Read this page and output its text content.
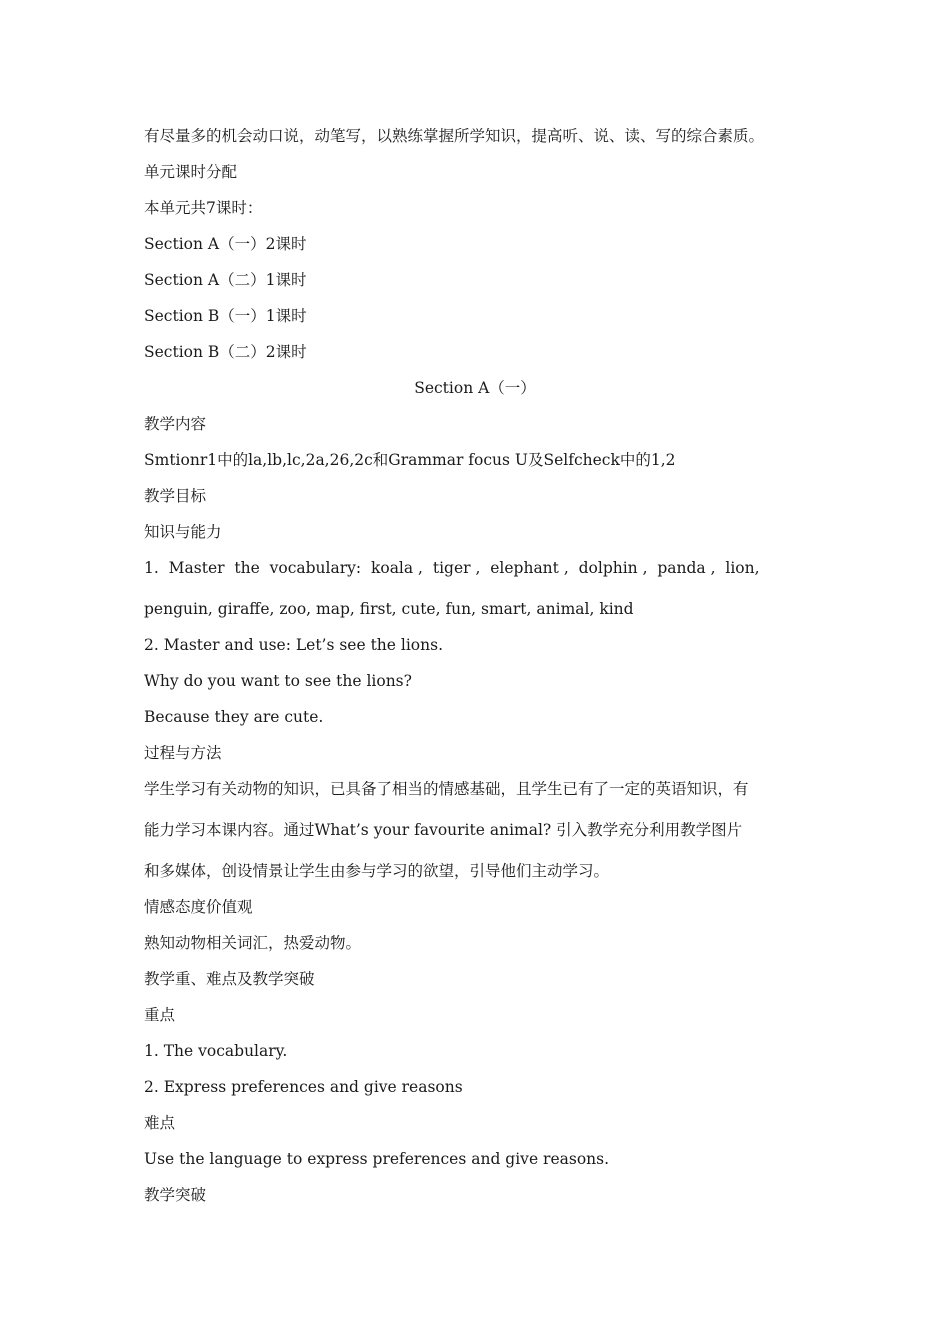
有尽量多的机会动口说，动笔写，以熟练掌握所学知识，提高听、说、读、写的综合素质。
单元课时分配
本单元共7课时：
Section A（一）2课时
Section A（二）1课时
Section B（一）1课时
Section B（二）2课时
Section A（一）
教学内容
Smtionr1中的la,lb,lc,2a,26,2c和Grammar focus U及Selfcheck中的1,2
教学目标
知识与能力
1.  Master  the  vocabulary:  koala ,  tiger ,  elephant ,  dolphin ,  panda ,  lion,
penguin, giraffe, zoo, map, first, cute, fun, smart, animal, kind
2. Master and use: Let’s see the lions.
Why do you want to see the lions?
Because they are cute.
过程与方法
学生学习有关动物的知识，已具备了相当的情感基础，且学生已有了一定的英语知识，有
能力学习本课内容。通过What’s your favourite animal? 引入教学充分利用教学图片
和多媒体，创设情景让学生由参与学习的欲望，引导他们主动学习。
情感态度价值观
熟知动物相关词汇，热爱动物。
教学重、难点及教学突破
重点
1. The vocabulary.
2. Express preferences and give reasons
难点
Use the language to express preferences and give reasons.
教学突破
